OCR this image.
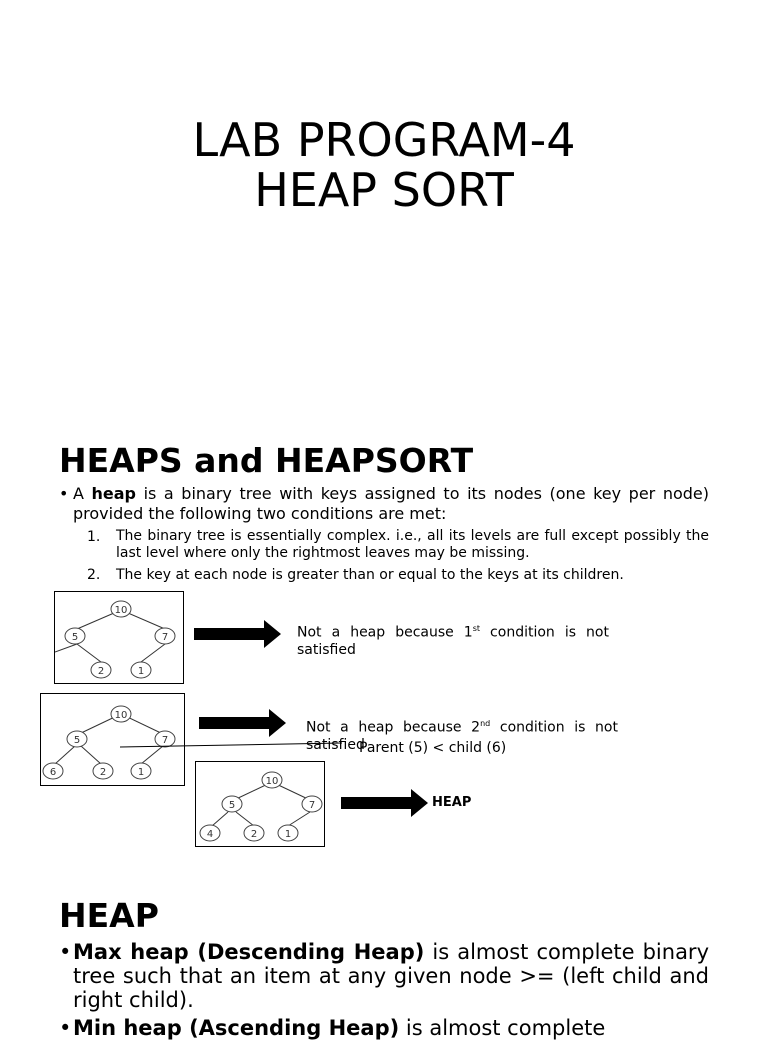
LAB PROGRAM-4
HEAP SORT
HEAPS and HEAPSORT
• A heap is a binary tree with keys assigned to its nodes (one key per node) provided the following two conditions are met:
1. The binary tree is essentially complex. i.e., all its levels are full except possibly the last level where only the rightmost leaves may be missing.
2. The key at each node is greater than or equal to the keys at its children.
10
5	7
2	1
Not a heap because 1st condition is not satisfied
10
5	7
6	2	1
Not a heap because 2nd condition is not satisfied
Parent (5) < child (6)
10
5	7
4	2	1
HEAP
HEAP
• Max heap (Descending Heap) is almost complete binary tree such that an item at any given node >= (left child and right child).
• Min heap (Ascending Heap) is almost complete
